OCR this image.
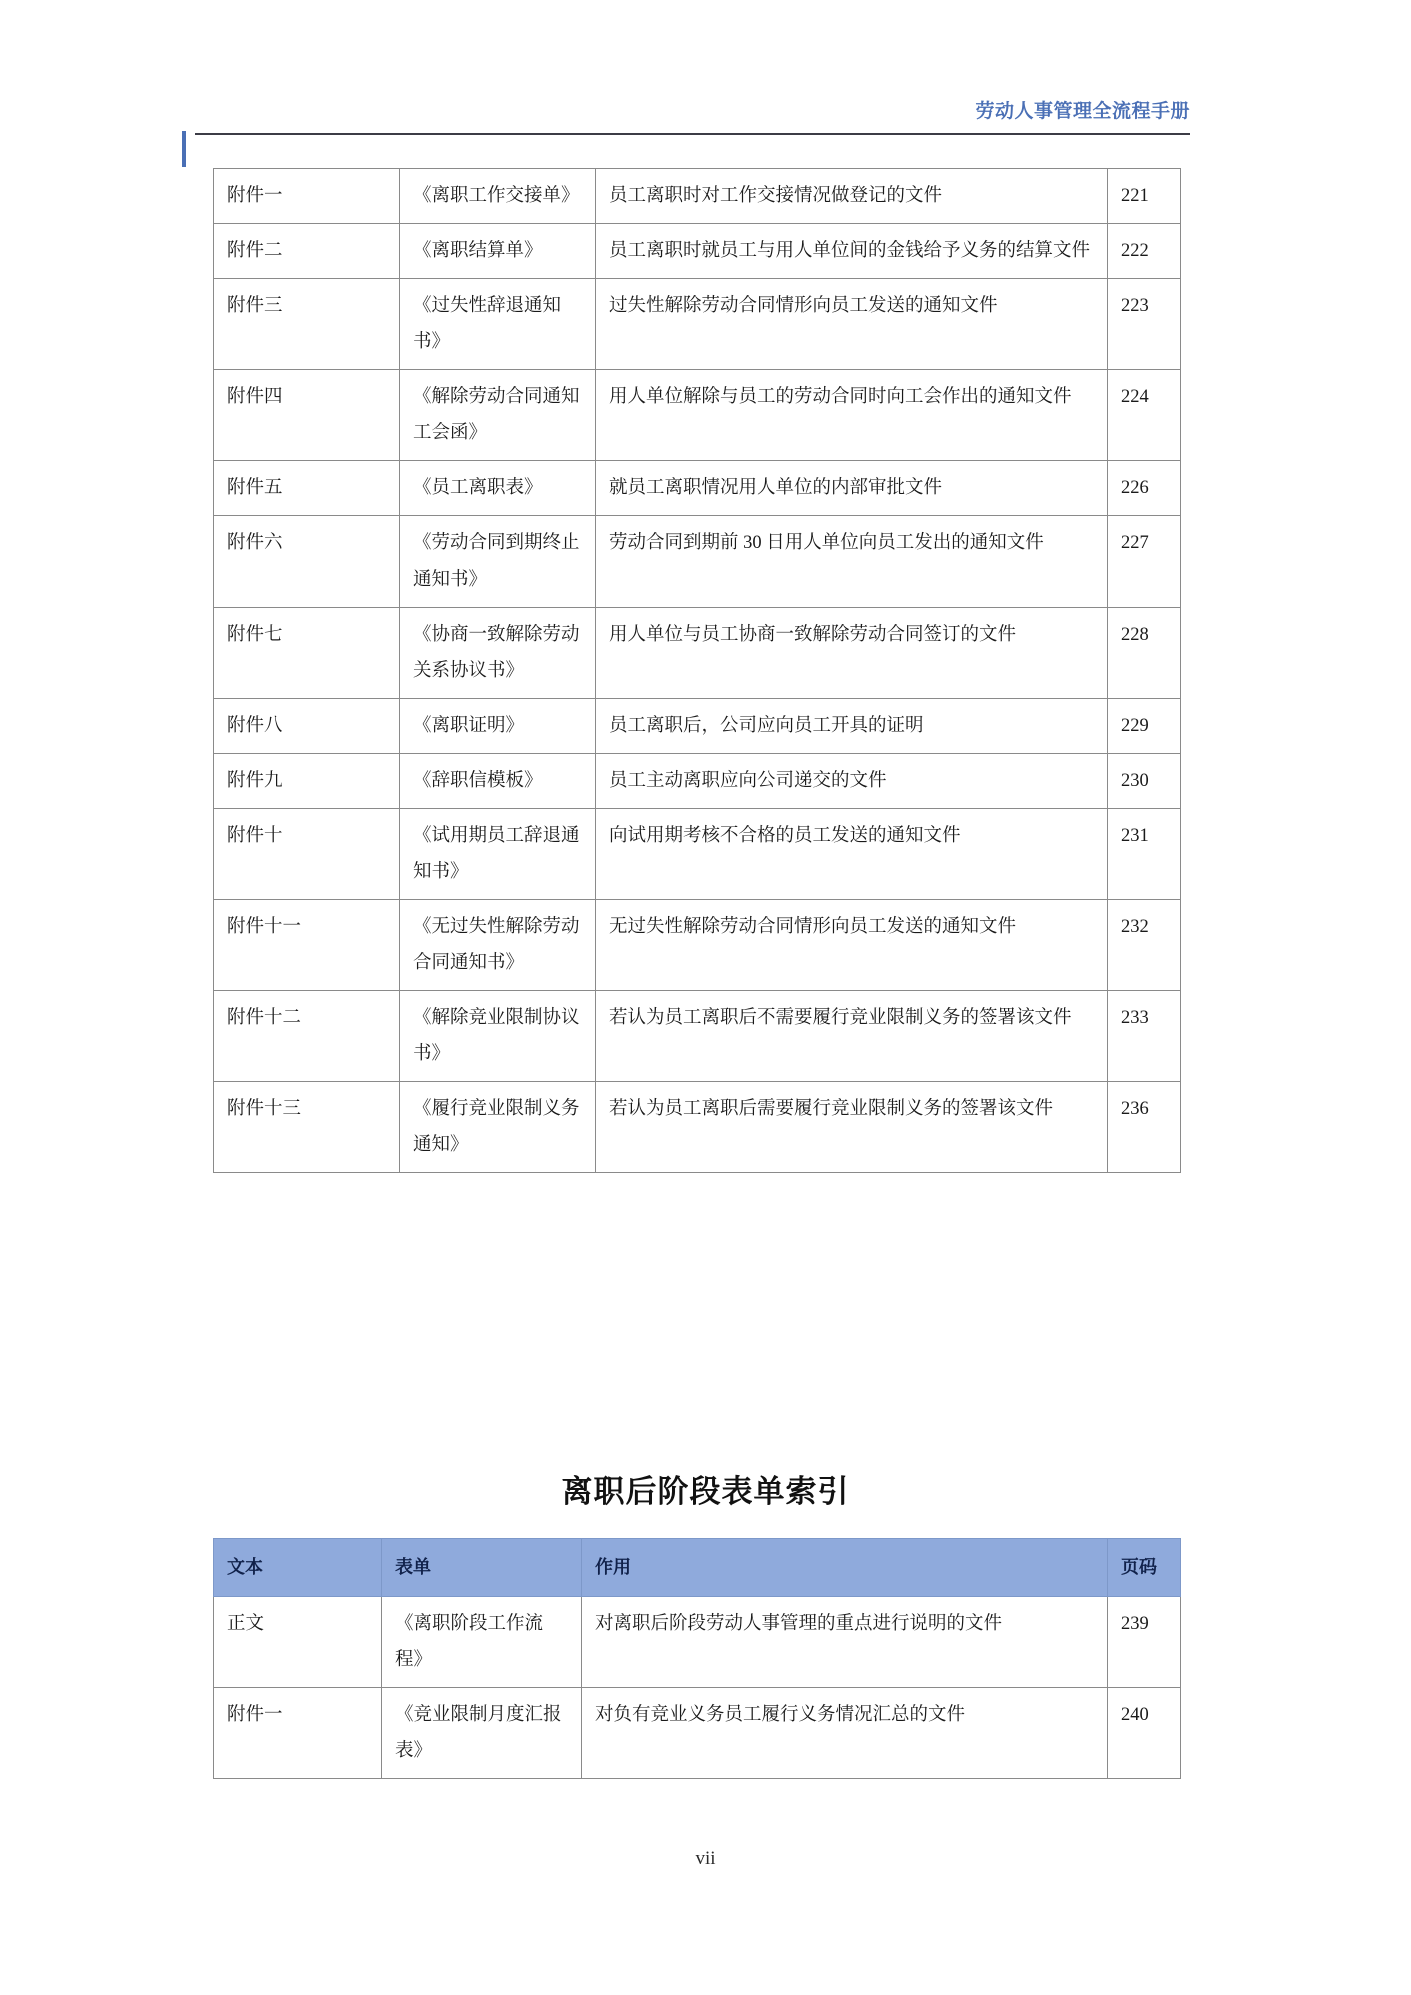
劳动人事管理全流程手册
附件一	《离职工作交接单》	员工离职时对工作交接情况做登记的文件	221
附件二	《离职结算单》	员工离职时就员工与用人单位间的金钱给予义务的结算文件	222
附件三	《过失性辞退通知书》	过失性解除劳动合同情形向员工发送的通知文件	223
附件四	《解除劳动合同通知工会函》	用人单位解除与员工的劳动合同时向工会作出的通知文件	224
附件五	《员工离职表》	就员工离职情况用人单位的内部审批文件	226
附件六	《劳动合同到期终止通知书》	劳动合同到期前 30 日用人单位向员工发出的通知文件	227
附件七	《协商一致解除劳动关系协议书》	用人单位与员工协商一致解除劳动合同签订的文件	228
附件八	《离职证明》	员工离职后，公司应向员工开具的证明	229
附件九	《辞职信模板》	员工主动离职应向公司递交的文件	230
附件十	《试用期员工辞退通知书》	向试用期考核不合格的员工发送的通知文件	231
附件十一	《无过失性解除劳动合同通知书》	无过失性解除劳动合同情形向员工发送的通知文件	232
附件十二	《解除竞业限制协议书》	若认为员工离职后不需要履行竞业限制义务的签署该文件	233
附件十三	《履行竞业限制义务通知》	若认为员工离职后需要履行竞业限制义务的签署该文件	236
离职后阶段表单索引
文本	表单	作用	页码
正文	《离职阶段工作流程》	对离职后阶段劳动人事管理的重点进行说明的文件	239
附件一	《竞业限制月度汇报表》	对负有竞业义务员工履行义务情况汇总的文件	240
vii
